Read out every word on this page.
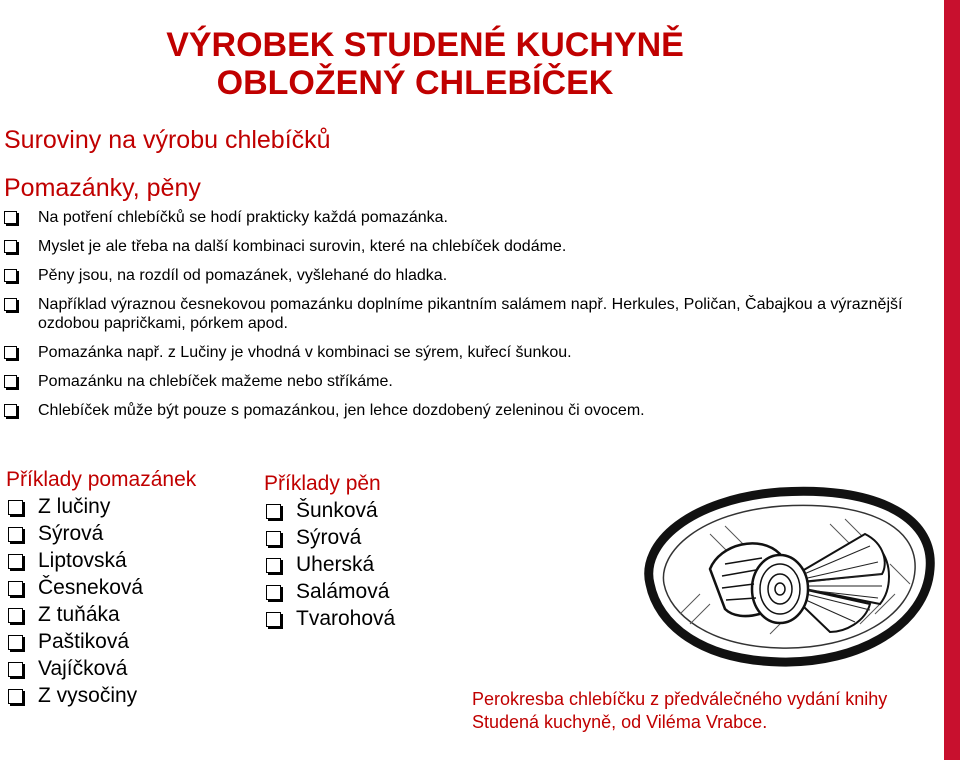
VÝROBEK STUDENÉ KUCHYNĚ
OBLOŽENÝ CHLEBÍČEK
Suroviny na výrobu chlebíčků
Pomazánky, pěny
Na potření chlebíčků se hodí prakticky každá pomazánka.
Myslet je ale třeba na další kombinaci surovin, které na chlebíček dodáme.
Pěny jsou, na rozdíl od pomazánek, vyšlehané do hladka.
Například výraznou česnekovou pomazánku doplníme pikantním salámem např. Herkules, Poličan, Čabajkou a výraznější ozdobou papričkami, pórkem apod.
Pomazánka např. z Lučiny je vhodná v kombinaci se sýrem, kuřecí šunkou.
Pomazánku na chlebíček mažeme nebo stříkáme.
Chlebíček může být pouze s pomazánkou, jen lehce dozdobený zeleninou či ovocem.
Příklady pomazánek
Z lučiny
Sýrová
Liptovská
Česneková
Z tuňáka
Paštiková
Vajíčková
Z vysočiny
Příklady pěn
Šunková
Sýrová
Uherská
Salámová
Tvarohová
Perokresba chlebíčku z předválečného vydání knihy Studená kuchyně, od Viléma Vrabce.
